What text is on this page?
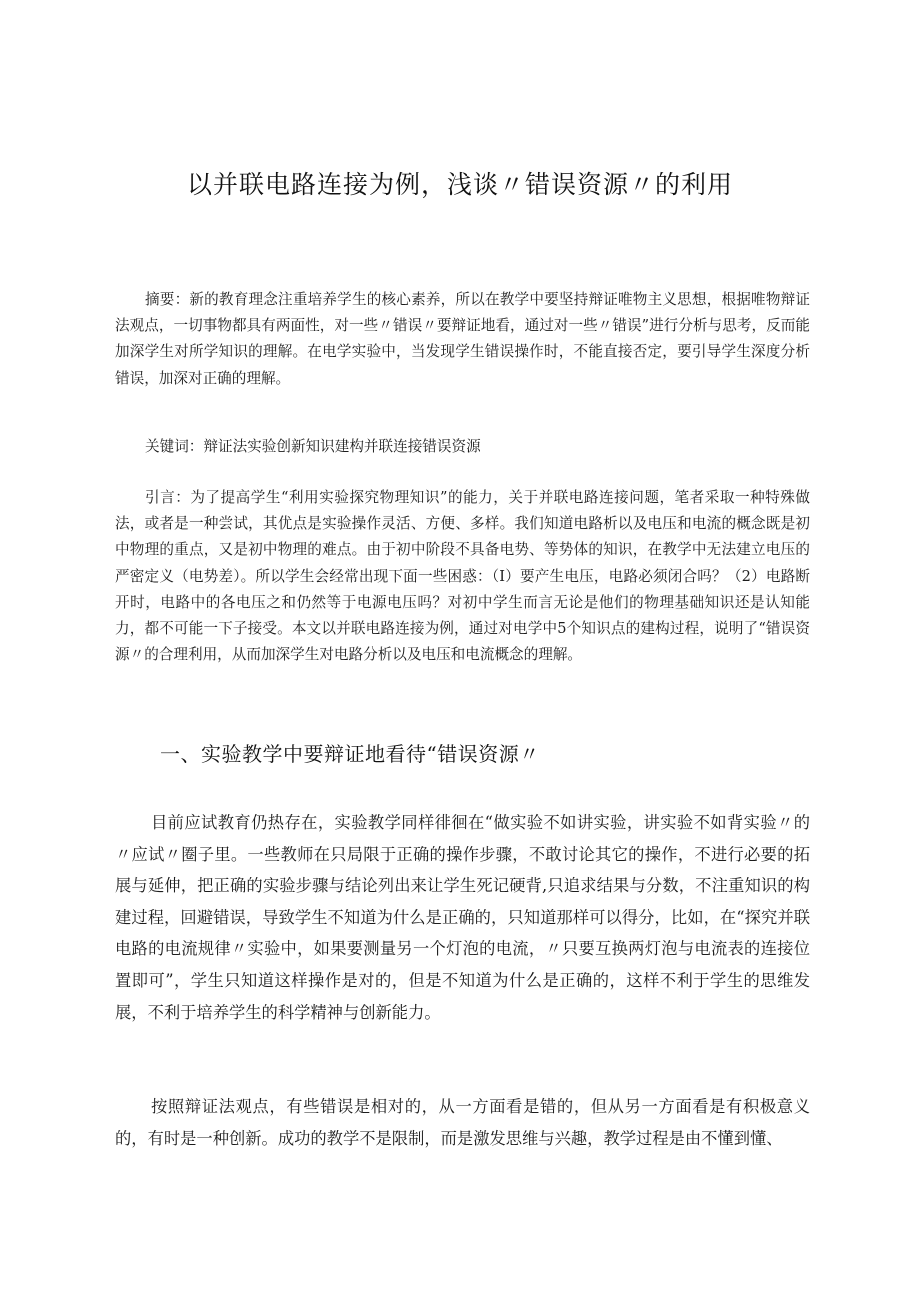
以并联电路连接为例，浅谈〃错误资源〃的利用

摘要：新的教育理念注重培养学生的核心素养，所以在教学中要坚持辩证唯物主义思想，根据唯物辩证法观点，一切事物都具有两面性，对一些〃错误〃要辩证地看，通过对一些〃错误”进行分析与思考，反而能加深学生对所学知识的理解。在电学实验中，当发现学生错误操作时，不能直接否定，要引导学生深度分析错误，加深对正确的理解。

关键词：辩证法实验创新知识建构并联连接错误资源

引言：为了提高学生“利用实验探究物理知识”的能力，关于并联电路连接问题，笔者采取一种特殊做法，或者是一种尝试，其优点是实验操作灵活、方便、多样。我们知道电路析以及电压和电流的概念既是初中物理的重点，又是初中物理的难点。由于初中阶段不具备电势、等势体的知识，在教学中无法建立电压的严密定义（电势差）。所以学生会经常出现下面一些困惑：（I）要产生电压，电路必须闭合吗？（2）电路断开时，电路中的各电压之和仍然等于电源电压吗？对初中学生而言无论是他们的物理基础知识还是认知能力，都不可能一下子接受。本文以并联电路连接为例，通过对电学中5个知识点的建构过程，说明了“错误资源〃的合理利用，从而加深学生对电路分析以及电压和电流概念的理解。

一、实验教学中要辩证地看待“错误资源〃

目前应试教育仍热存在，实验教学同样徘徊在“做实验不如讲实验，讲实验不如背实验〃的〃应试〃圈子里。一些教师在只局限于正确的操作步骤，不敢讨论其它的操作，不进行必要的拓展与延伸，把正确的实验步骤与结论列出来让学生死记硬背,只追求结果与分数，不注重知识的构建过程，回避错误，导致学生不知道为什么是正确的，只知道那样可以得分，比如，在“探究并联电路的电流规律〃实验中，如果要测量另一个灯泡的电流，〃只要互换两灯泡与电流表的连接位置即可”，学生只知道这样操作是对的，但是不知道为什么是正确的，这样不利于学生的思维发展，不利于培养学生的科学精神与创新能力。

按照辩证法观点，有些错误是相对的，从一方面看是错的，但从另一方面看是有积极意义的，有时是一种创新。成功的教学不是限制，而是激发思维与兴趣，教学过程是由不懂到懂、
